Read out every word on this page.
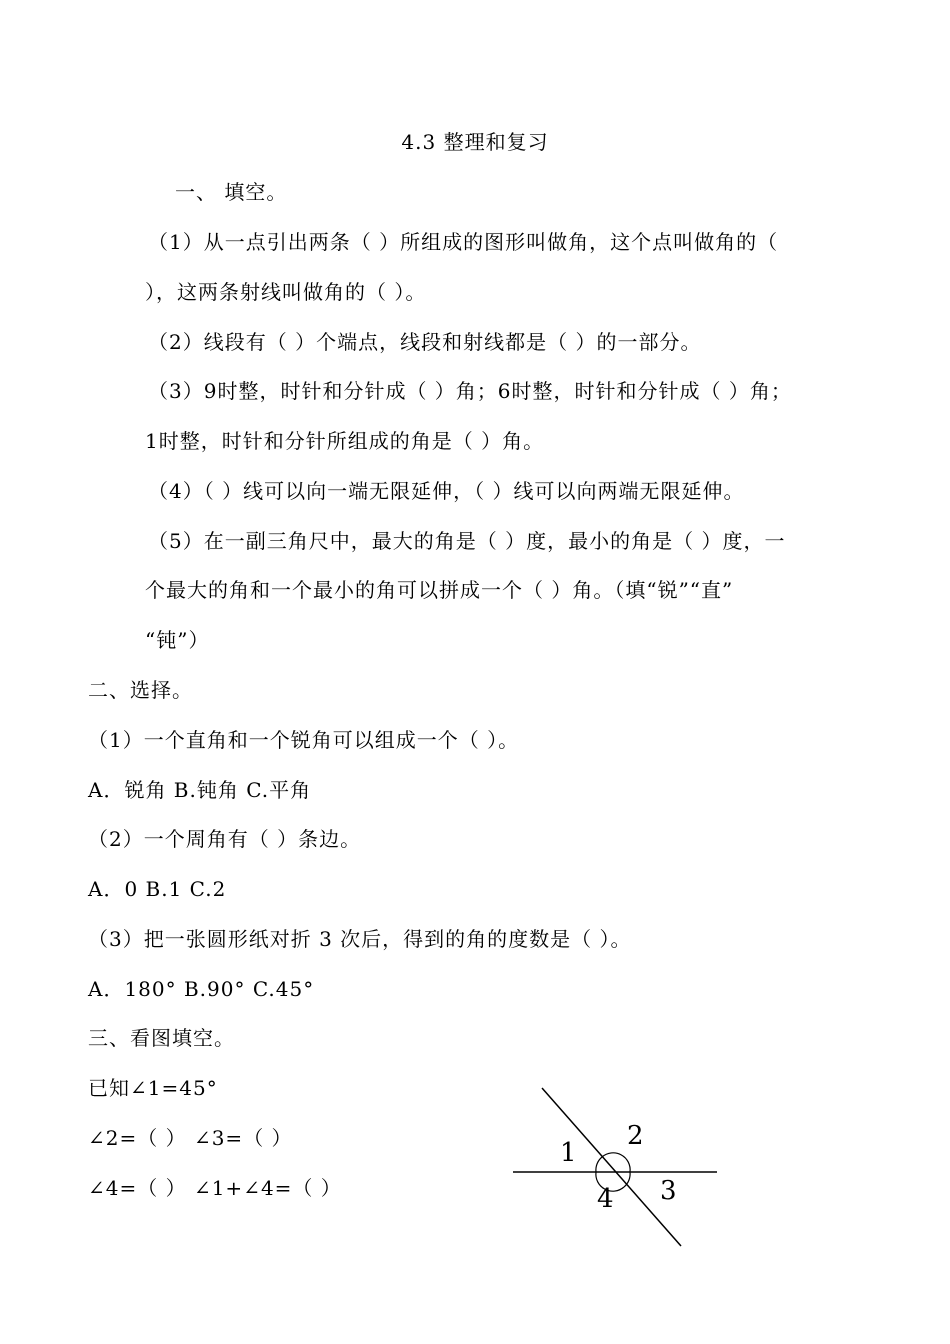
4.3 整理和复习
一、 填空。
（1）从一点引出两条（ ）所组成的图形叫做角，这个点叫做角的（
），这两条射线叫做角的（ ）。
（2）线段有（ ）个端点，线段和射线都是（ ）的一部分。
（3）9时整，时针和分针成（ ）角；6时整，时针和分针成（ ）角；
1时整，时针和分针所组成的角是（ ）角。
（4）（ ）线可以向一端无限延伸，（ ）线可以向两端无限延伸。
（5）在一副三角尺中，最大的角是（ ）度，最小的角是（ ）度，一
个最大的角和一个最小的角可以拼成一个（ ）角。（填“锐”“直”
“钝”）
二、选择。
（1）一个直角和一个锐角可以组成一个（ ）。
A．锐角 B.钝角 C.平角
（2）一个周角有（ ）条边。
A．0 B.1 C.2
（3）把一张圆形纸对折 3 次后，得到的角的度数是（ ）。
A．180° B.90° C.45°
三、看图填空。
已知∠1=45°
∠2=（ ） ∠3=（ ）
∠4=（ ） ∠1+∠4=（ ）
1
2
3
4
